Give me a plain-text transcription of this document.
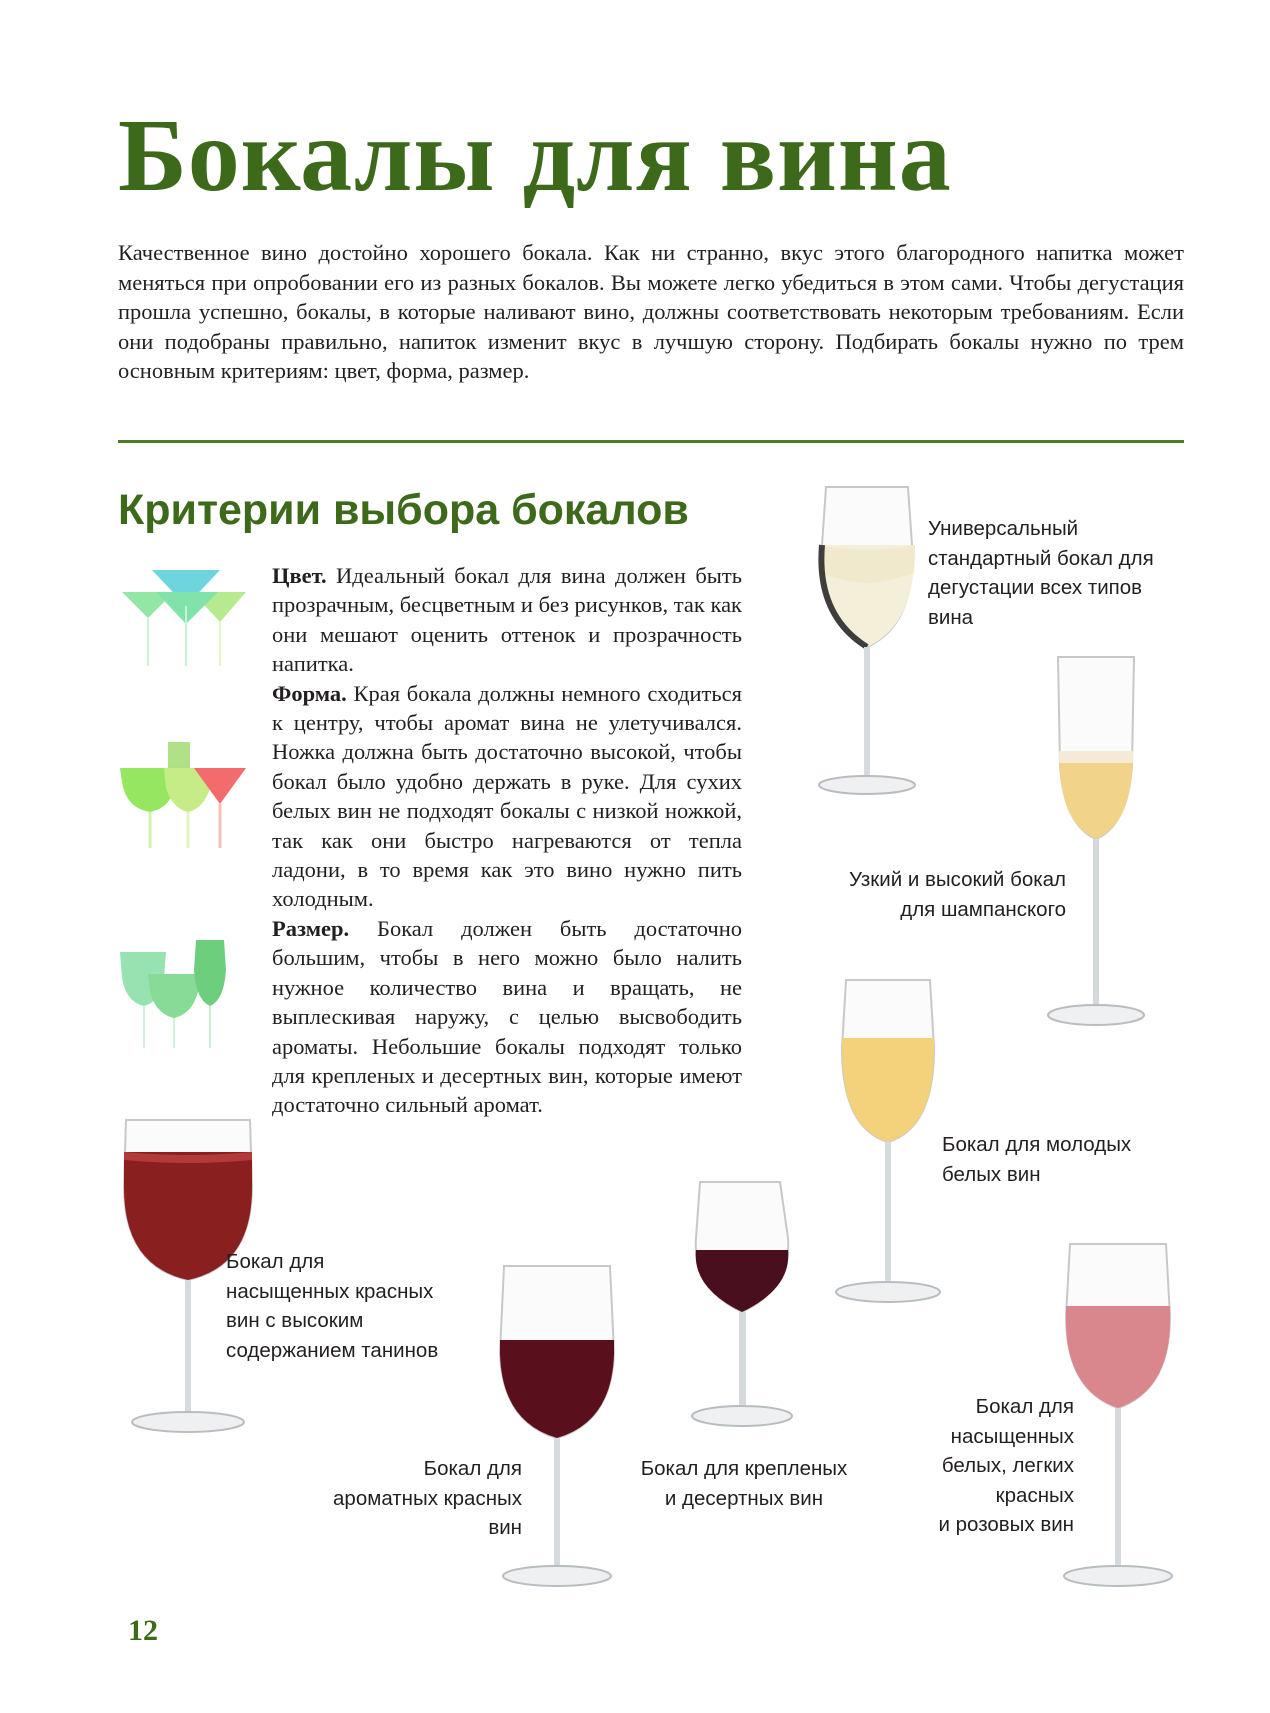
Бокалы для вина

Качественное вино достойно хорошего бокала. Как ни странно, вкус этого благородного напитка может меняться при опробовании его из разных бокалов. Вы можете легко убедиться в этом сами. Чтобы дегустация прошла успешно, бокалы, в которые наливают вино, должны соответствовать некоторым требованиям. Если они подобраны правильно, напиток изменит вкус в лучшую сторону. Подбирать бокалы нужно по трем основным критериям: цвет, форма, размер.

Критерии выбора бокалов

Цвет. Идеальный бокал для вина должен быть прозрачным, бесцветным и без рисунков, так как они мешают оценить оттенок и прозрачность напитка.
Форма. Края бокала должны немного сходиться к центру, чтобы аромат вина не улетучивался. Ножка должна быть достаточно высокой, чтобы бокал было удобно держать в руке. Для сухих белых вин не подходят бокалы с низкой ножкой, так как они быстро нагреваются от тепла ладони, в то время как это вино нужно пить холодным.
Размер. Бокал должен быть достаточно большим, чтобы в него можно было налить нужное количество вина и вращать, не выплескивая наружу, с целью высвободить ароматы. Небольшие бокалы подходят только для крепленых и десертных вин, которые имеют достаточно сильный аромат.

Универсальный
стандартный бокал для
дегустации всех типов
вина
Узкий и высокий бокал
для шампанского
Бокал для молодых
белых вин
Бокал для
насыщенных красных
вин с высоким
содержанием танинов
Бокал для
ароматных красных
вин
Бокал для крепленых
и десертных вин
Бокал для
насыщенных
белых, легких
красных
и розовых вин
12
